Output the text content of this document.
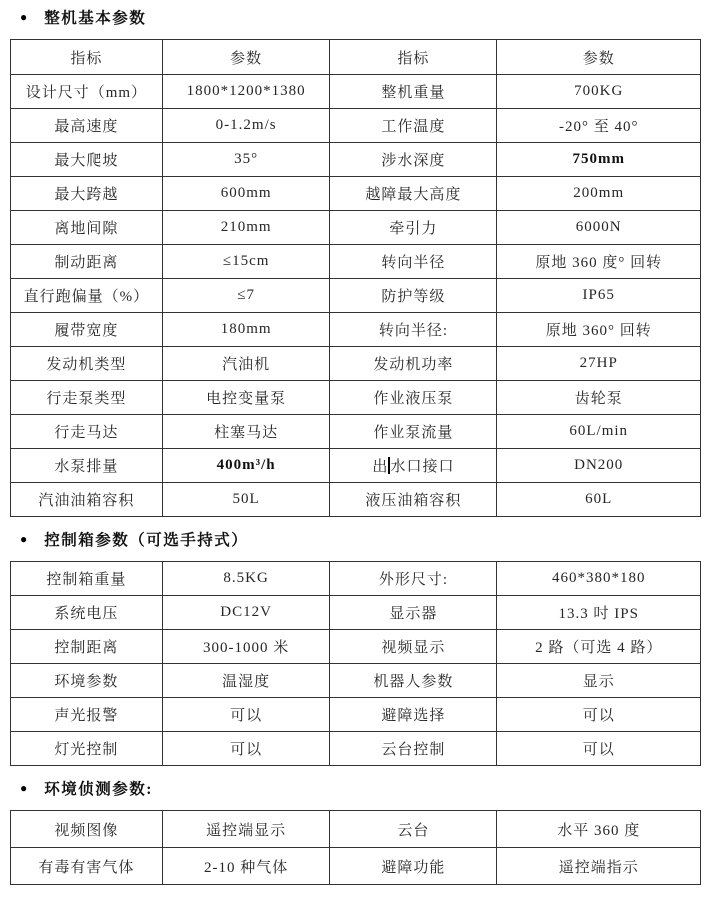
● 整机基本参数
指标	参数	指标	参数
设计尺寸（mm）	1800*1200*1380	整机重量	700KG
最高速度	0-1.2m/s	工作温度	-20° 至 40°
最大爬坡	35°	涉水深度	750mm
最大跨越	600mm	越障最大高度	200mm
离地间隙	210mm	牵引力	6000N
制动距离	≤15cm	转向半径	原地 360 度° 回转
直行跑偏量（%）	≤7	防护等级	IP65
履带宽度	180mm	转向半径:	原地 360° 回转
发动机类型	汽油机	发动机功率	27HP
行走泵类型	电控变量泵	作业液压泵	齿轮泵
行走马达	柱塞马达	作业泵流量	60L/min
水泵排量	400m³/h	出 水口接口	DN200
汽油油箱容积	50L	液压油箱容积	60L
● 控制箱参数（可选手持式）
控制箱重量	8.5KG	外形尺寸:	460*380*180
系统电压	DC12V	显示器	13.3 吋 IPS
控制距离	300-1000 米	视频显示	2 路（可选 4 路）
环境参数	温湿度	机器人参数	显示
声光报警	可以	避障选择	可以
灯光控制	可以	云台控制	可以
● 环境侦测参数:
视频图像	遥控端显示	云台	水平 360 度
有毒有害气体	2-10 种气体	避障功能	遥控端指示
